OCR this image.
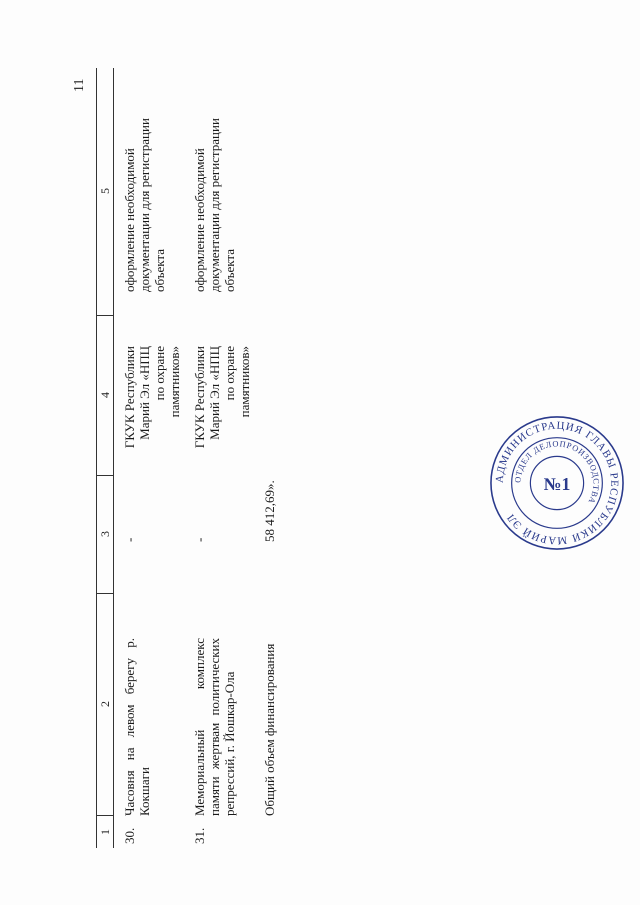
11
1
2
3
4
5
30.
Часовня на левом берегу р. Кокшаги
-
ГКУК Республики Марий Эл «НПЦ по охране памятников»
оформление необходимой документации для регистрации объекта
31.
Мемориальный комплекс памяти жертвам политических репрессий, г. Йошкар-Ола
-
ГКУК Республики Марий Эл «НПЦ по охране памятников»
оформление необходимой документации для регистрации объекта
Общий объем финансирования
58 412,69».
АДМИНИСТРАЦИЯ ГЛАВЫ РЕСПУБЛИКИ МАРИЙ ЭЛ
ОТДЕЛ ДЕЛОПРОИЗВОДСТВА
№1
